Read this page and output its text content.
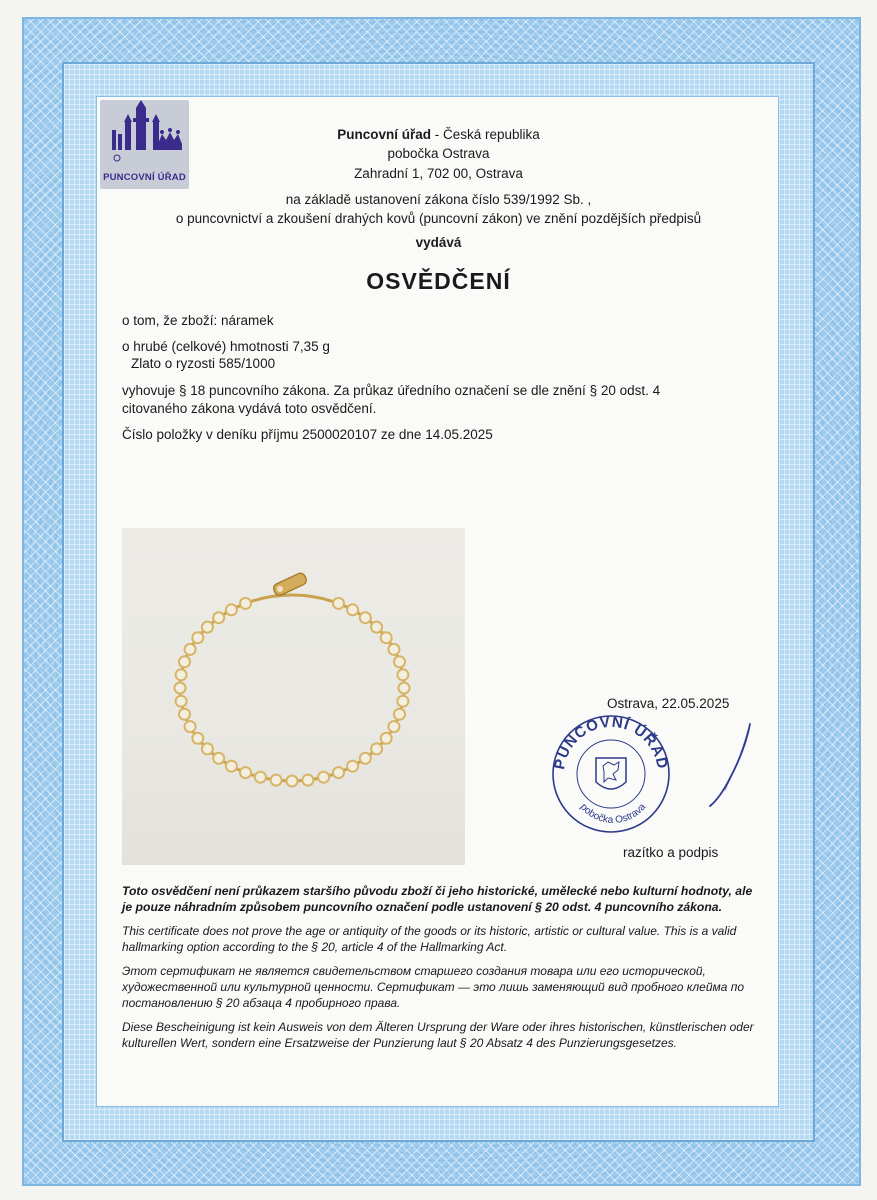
PUNCOVNÍ ÚŘAD
Puncovní úřad - Česká republika
pobočka Ostrava
Zahradní 1, 702 00, Ostrava
na základě ustanovení zákona číslo 539/1992 Sb. ,
o puncovnictví a zkoušení drahých kovů (puncovní zákon) ve znění pozdějších předpisů
vydává
OSVĚDČENÍ
o tom, že zboží: náramek
o hrubé (celkové) hmotnosti 7,35 g
Zlato o ryzosti 585/1000
vyhovuje § 18 puncovního zákona. Za průkaz úředního označení se dle znění § 20 odst. 4
citovaného zákona vydává toto osvědčení.
Číslo položky v deníku příjmu 2500020107 ze dne 14.05.2025
Ostrava, 22.05.2025
PUNCOVNÍ ÚŘAD
pobočka Ostrava
razítko a podpis
Toto osvědčení není průkazem staršího původu zboží či jeho historické, umělecké nebo kulturní hodnoty, ale je pouze náhradním způsobem puncovního označení podle ustanovení § 20 odst. 4 puncovního zákona.
This certificate does not prove the age or antiquity of the goods or its historic, artistic or cultural value. This is a valid hallmarking option according to the § 20, article 4 of the Hallmarking Act.
Этот сертификат не является свидетельством старшего создания товара или его исторической, художественной или культурной ценности. Сертификат — это лишь заменяющий вид пробного клейма по постановлению § 20 абзаца 4 пробирного права.
Diese Bescheinigung ist kein Ausweis von dem Älteren Ursprung der Ware oder ihres historischen, künstlerischen oder kulturellen Wert, sondern eine Ersatzweise der Punzierung laut § 20 Absatz 4 des Punzierungsgesetzes.
